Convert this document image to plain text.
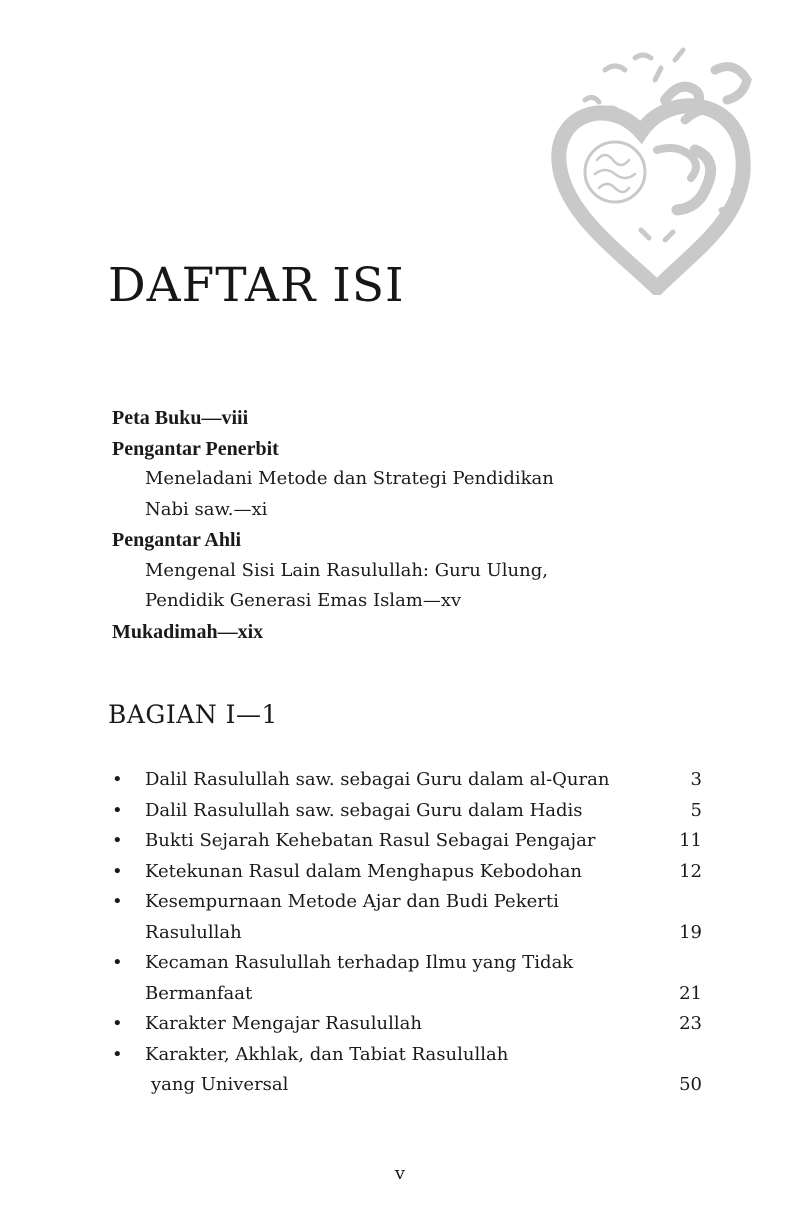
DAFTAR ISI
Peta Buku—viii
Pengantar Penerbit
Meneladani Metode dan Strategi Pendidikan
Nabi saw.—xi
Pengantar Ahli
Mengenal Sisi Lain Rasulullah: Guru Ulung,
Pendidik Generasi Emas Islam—xv
Mukadimah—xix
BAGIAN I—1
• Dalil Rasulullah saw. sebagai Guru dalam al-Quran	3
• Dalil Rasulullah saw. sebagai Guru dalam Hadis	5
• Bukti Sejarah Kehebatan Rasul Sebagai Pengajar	11
• Ketekunan Rasul dalam Menghapus Kebodohan	12
• Kesempurnaan Metode Ajar dan Budi Pekerti
Rasulullah	19
• Kecaman Rasulullah terhadap Ilmu yang Tidak
Bermanfaat	21
• Karakter Mengajar Rasulullah	23
• Karakter, Akhlak, dan Tabiat Rasulullah
yang Universal	50
v
